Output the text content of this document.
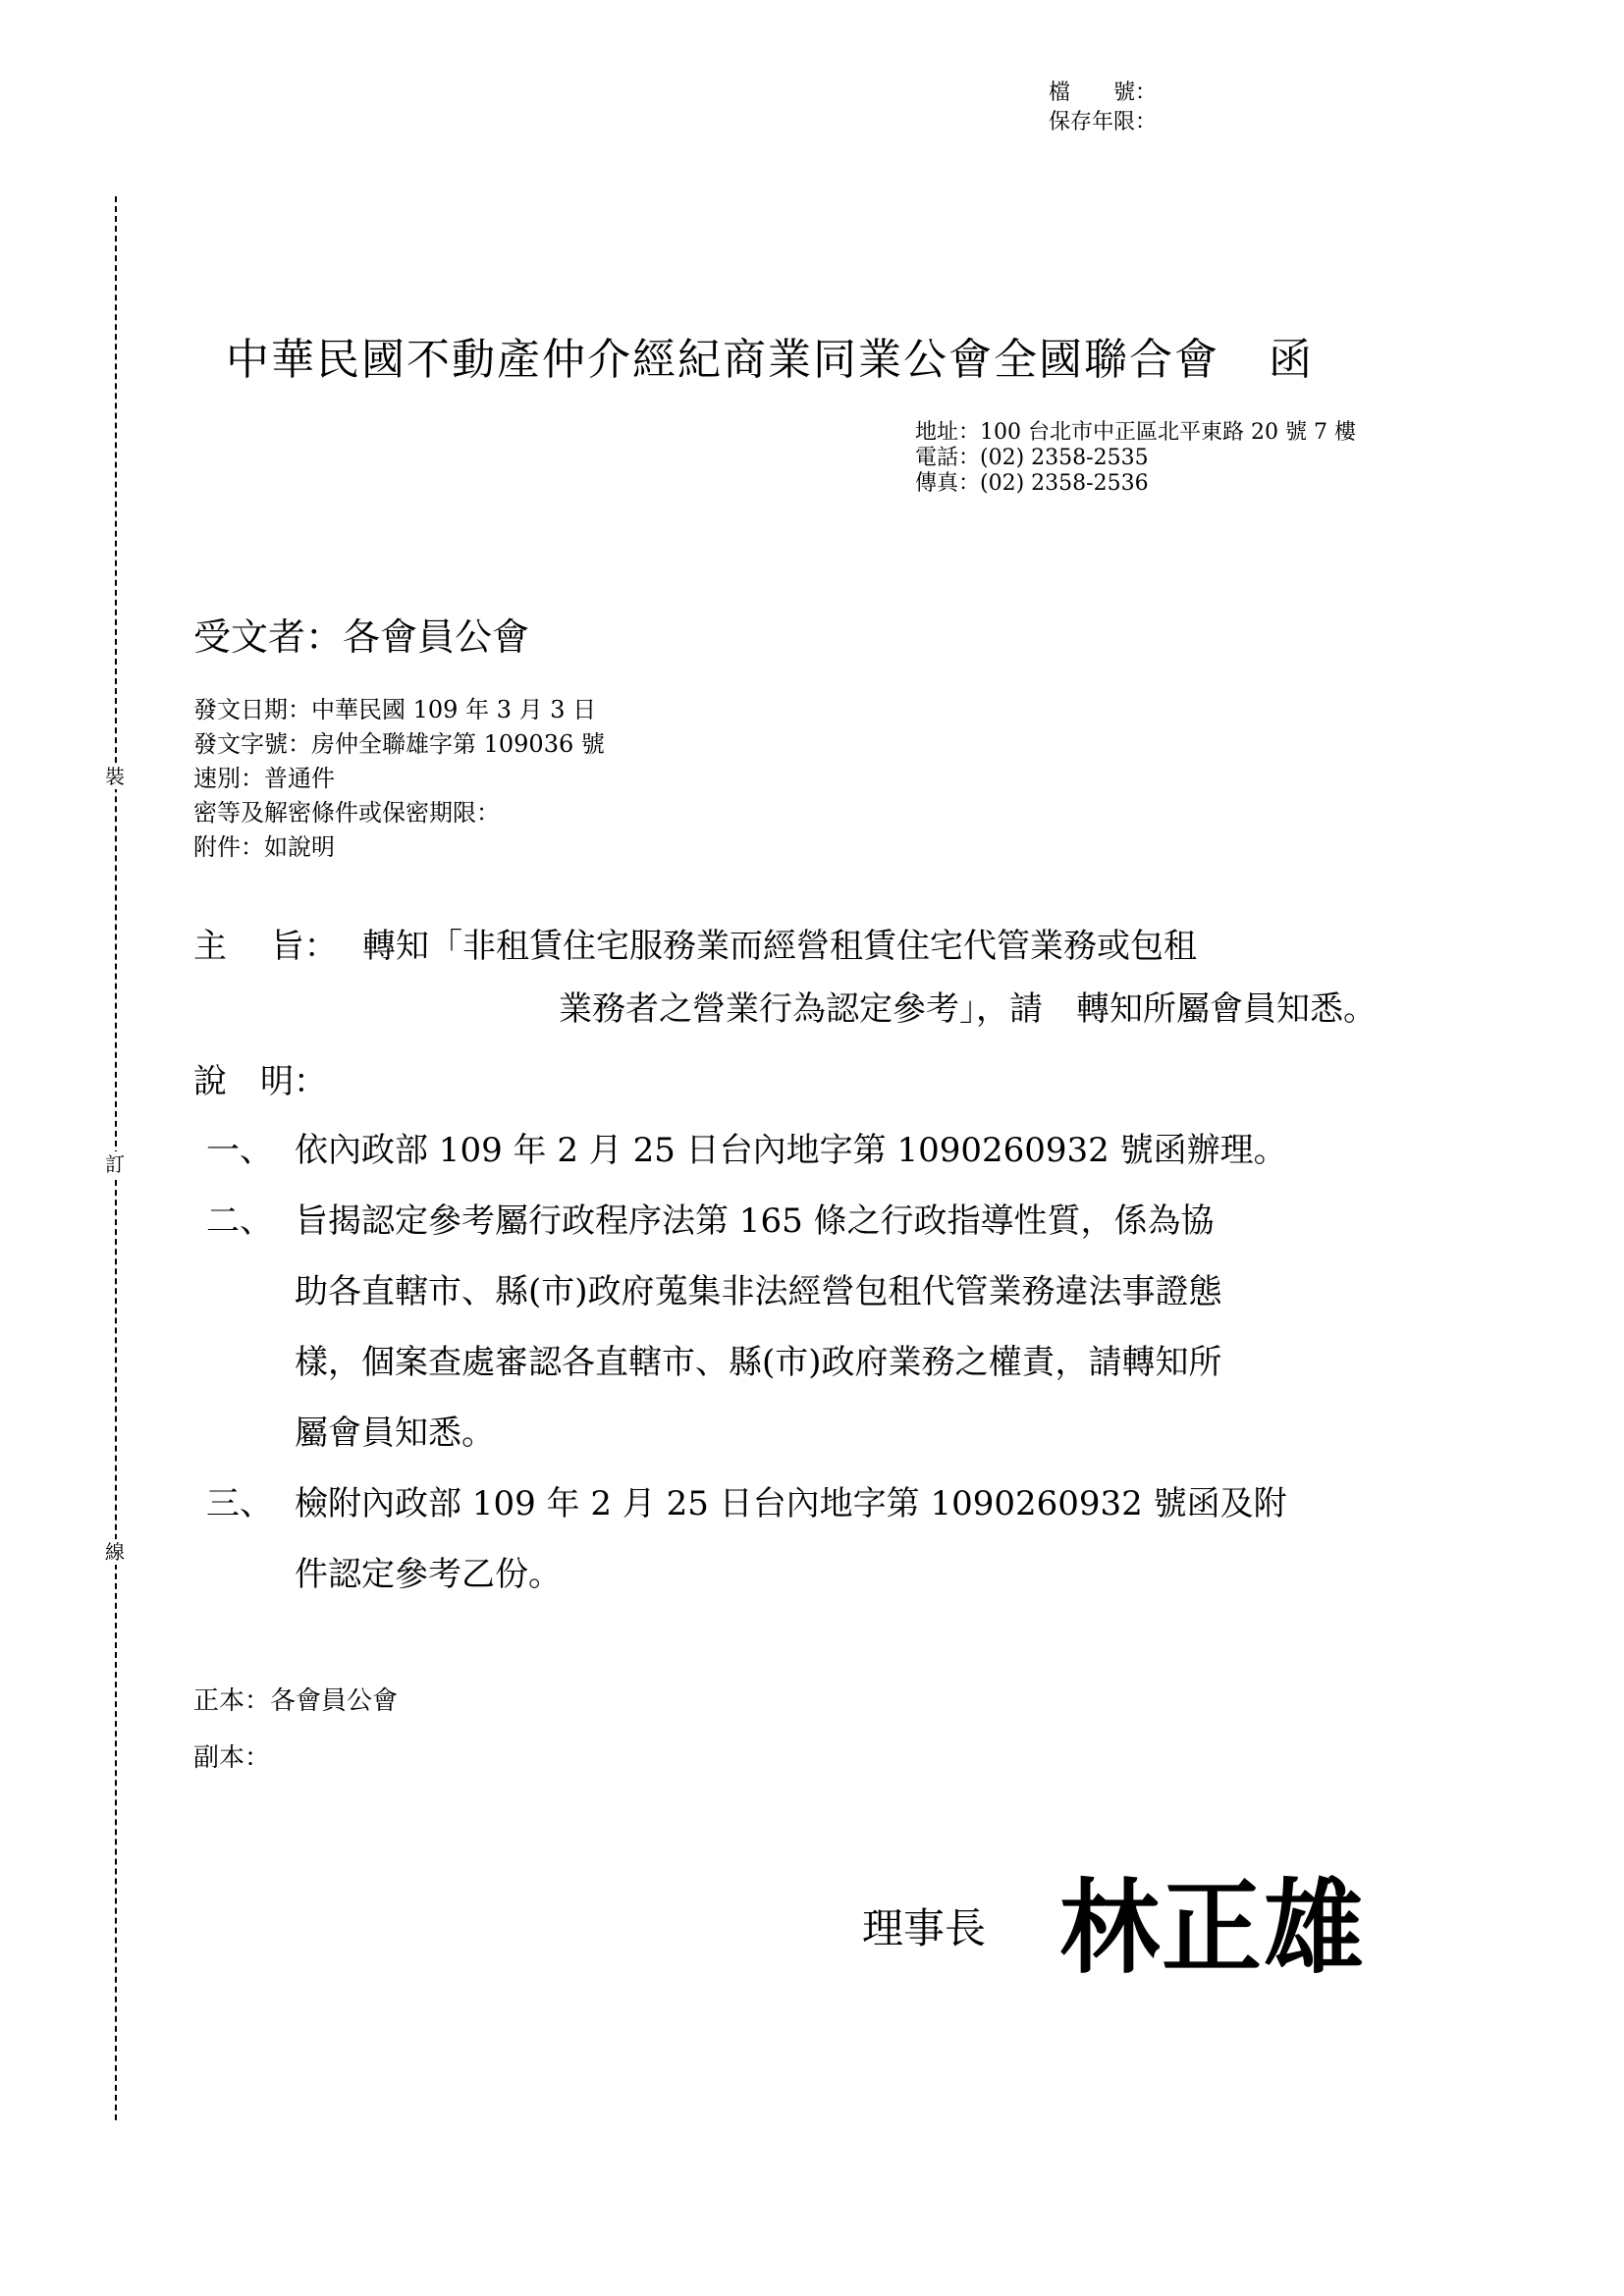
檔　　號：
保存年限：
裝
訂
線
中華民國不動產仲介經紀商業同業公會全國聯合會 函
地址：100 台北市中正區北平東路 20 號 7 樓
電話：(02) 2358-2535
傳真：(02) 2358-2536
受文者：各會員公會
發文日期：中華民國 109 年 3 月 3 日
發文字號：房仲全聯雄字第 109036 號
速別：普通件
密等及解密條件或保密期限：
附件：如說明
主　 旨： 轉知「非租賃住宅服務業而經營租賃住宅代管業務或包租
業務者之營業行為認定參考」，請　轉知所屬會員知悉。
說　明：
一、 依內政部 109 年 2 月 25 日台內地字第 1090260932 號函辦理。
二、 旨揭認定參考屬行政程序法第 165 條之行政指導性質，係為協
助各直轄市、縣(市)政府蒐集非法經營包租代管業務違法事證態
樣，個案查處審認各直轄市、縣(市)政府業務之權責，請轉知所
屬會員知悉。
三、 檢附內政部 109 年 2 月 25 日台內地字第 1090260932 號函及附
件認定參考乙份。
正本：各會員公會
副本：
理事長 林正雄
